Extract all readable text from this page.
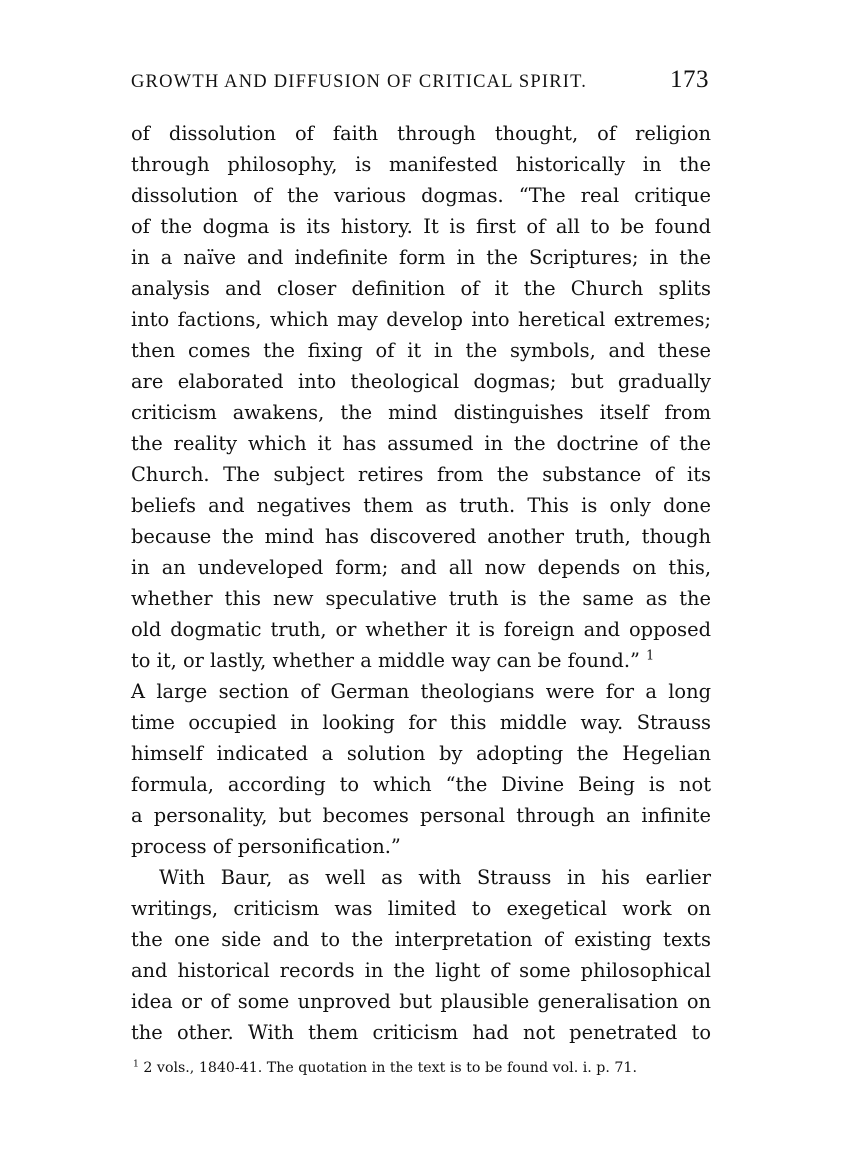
GROWTH AND DIFFUSION OF CRITICAL SPIRIT.	173
of dissolution of faith through thought, of religion
through philosophy, is manifested historically in the
dissolution of the various dogmas. “The real critique
of the dogma is its history. It is first of all to be found
in a naïve and indefinite form in the Scriptures; in the
analysis and closer definition of it the Church splits
into factions, which may develop into heretical extremes;
then comes the fixing of it in the symbols, and these
are elaborated into theological dogmas; but gradually
criticism awakens, the mind distinguishes itself from
the reality which it has assumed in the doctrine of the
Church. The subject retires from the substance of its
beliefs and negatives them as truth. This is only done
because the mind has discovered another truth, though
in an undeveloped form; and all now depends on this,
whether this new speculative truth is the same as the
old dogmatic truth, or whether it is foreign and opposed
to it, or lastly, whether a middle way can be found.” $^1$
A large section of German theologians were for a long
time occupied in looking for this middle way. Strauss
himself indicated a solution by adopting the Hegelian
formula, according to which “the Divine Being is not
a personality, but becomes personal through an infinite
process of personification.”
With Baur, as well as with Strauss in his earlier
writings, criticism was limited to exegetical work on
the one side and to the interpretation of existing texts
and historical records in the light of some philosophical
idea or of some unproved but plausible generalisation on
the other. With them criticism had not penetrated to
$^1$ 2 vols., 1840-41. The quotation in the text is to be found vol. i. p. 71.
